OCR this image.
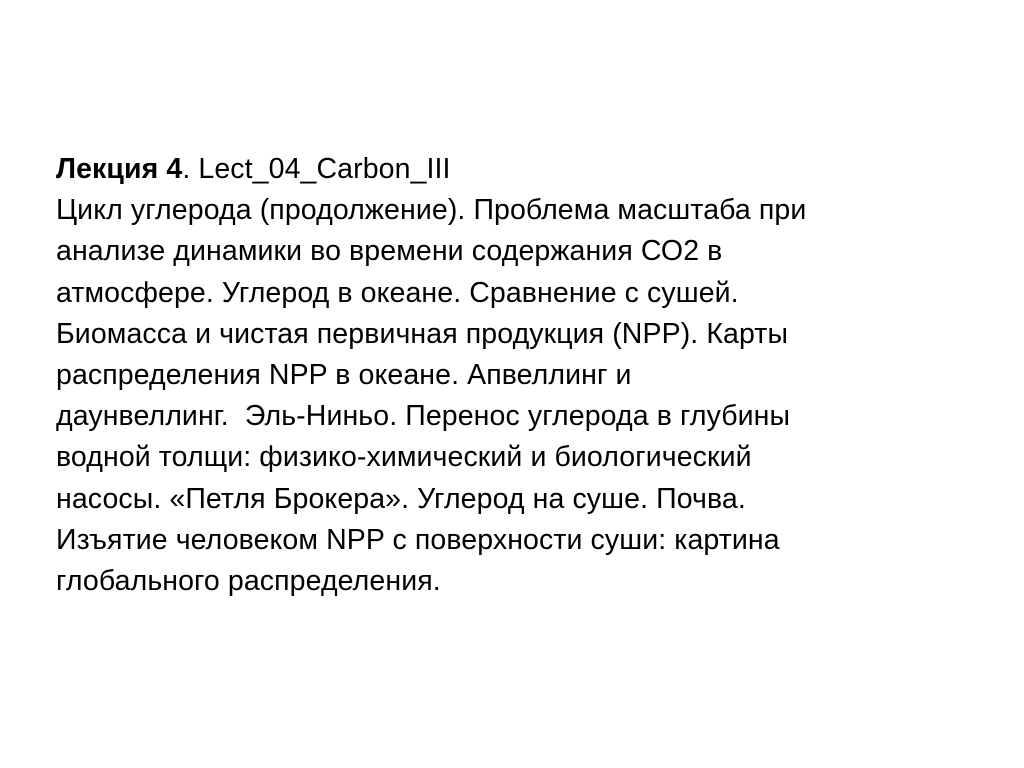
Лекция 4. Lect_04_Carbon_III
Цикл углерода (продолжение). Проблема масштаба при
анализе динамики во времени содержания СО2 в
атмосфере. Углерод в океане. Сравнение с сушей.
Биомасса и чистая первичная продукция (NPP). Карты
распределения NPP в океане. Апвеллинг и
даунвеллинг.  Эль-Ниньо. Перенос углерода в глубины
водной толщи: физико-химический и биологический
насосы. «Петля Брокера». Углерод на суше. Почва.
Изъятие человеком NPP с поверхности суши: картина
глобального распределения.
